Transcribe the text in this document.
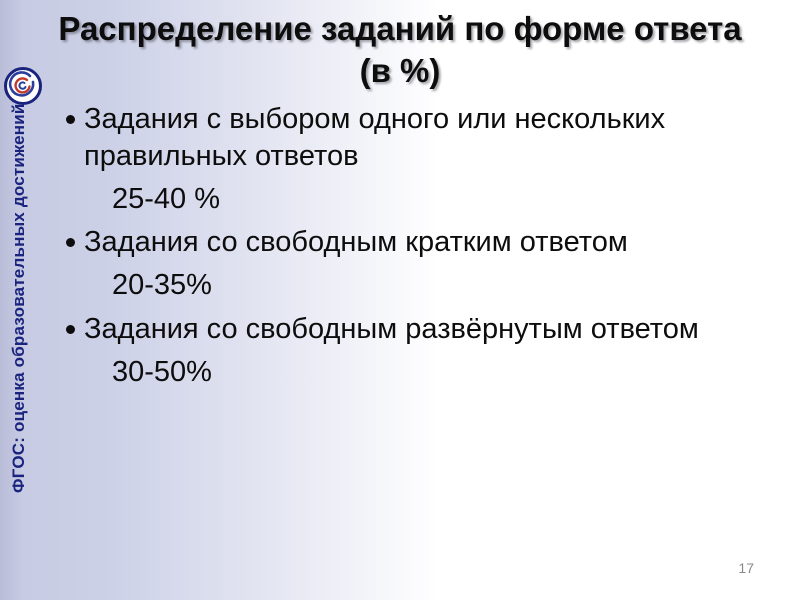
ФГОС: оценка образовательных достижений
Распределение заданий по форме ответа (в %)
Задания с выбором одного или нескольких правильных ответов
25-40 %
Задания со свободным кратким ответом
20-35%
Задания со свободным развёрнутым ответом
30-50%
17
